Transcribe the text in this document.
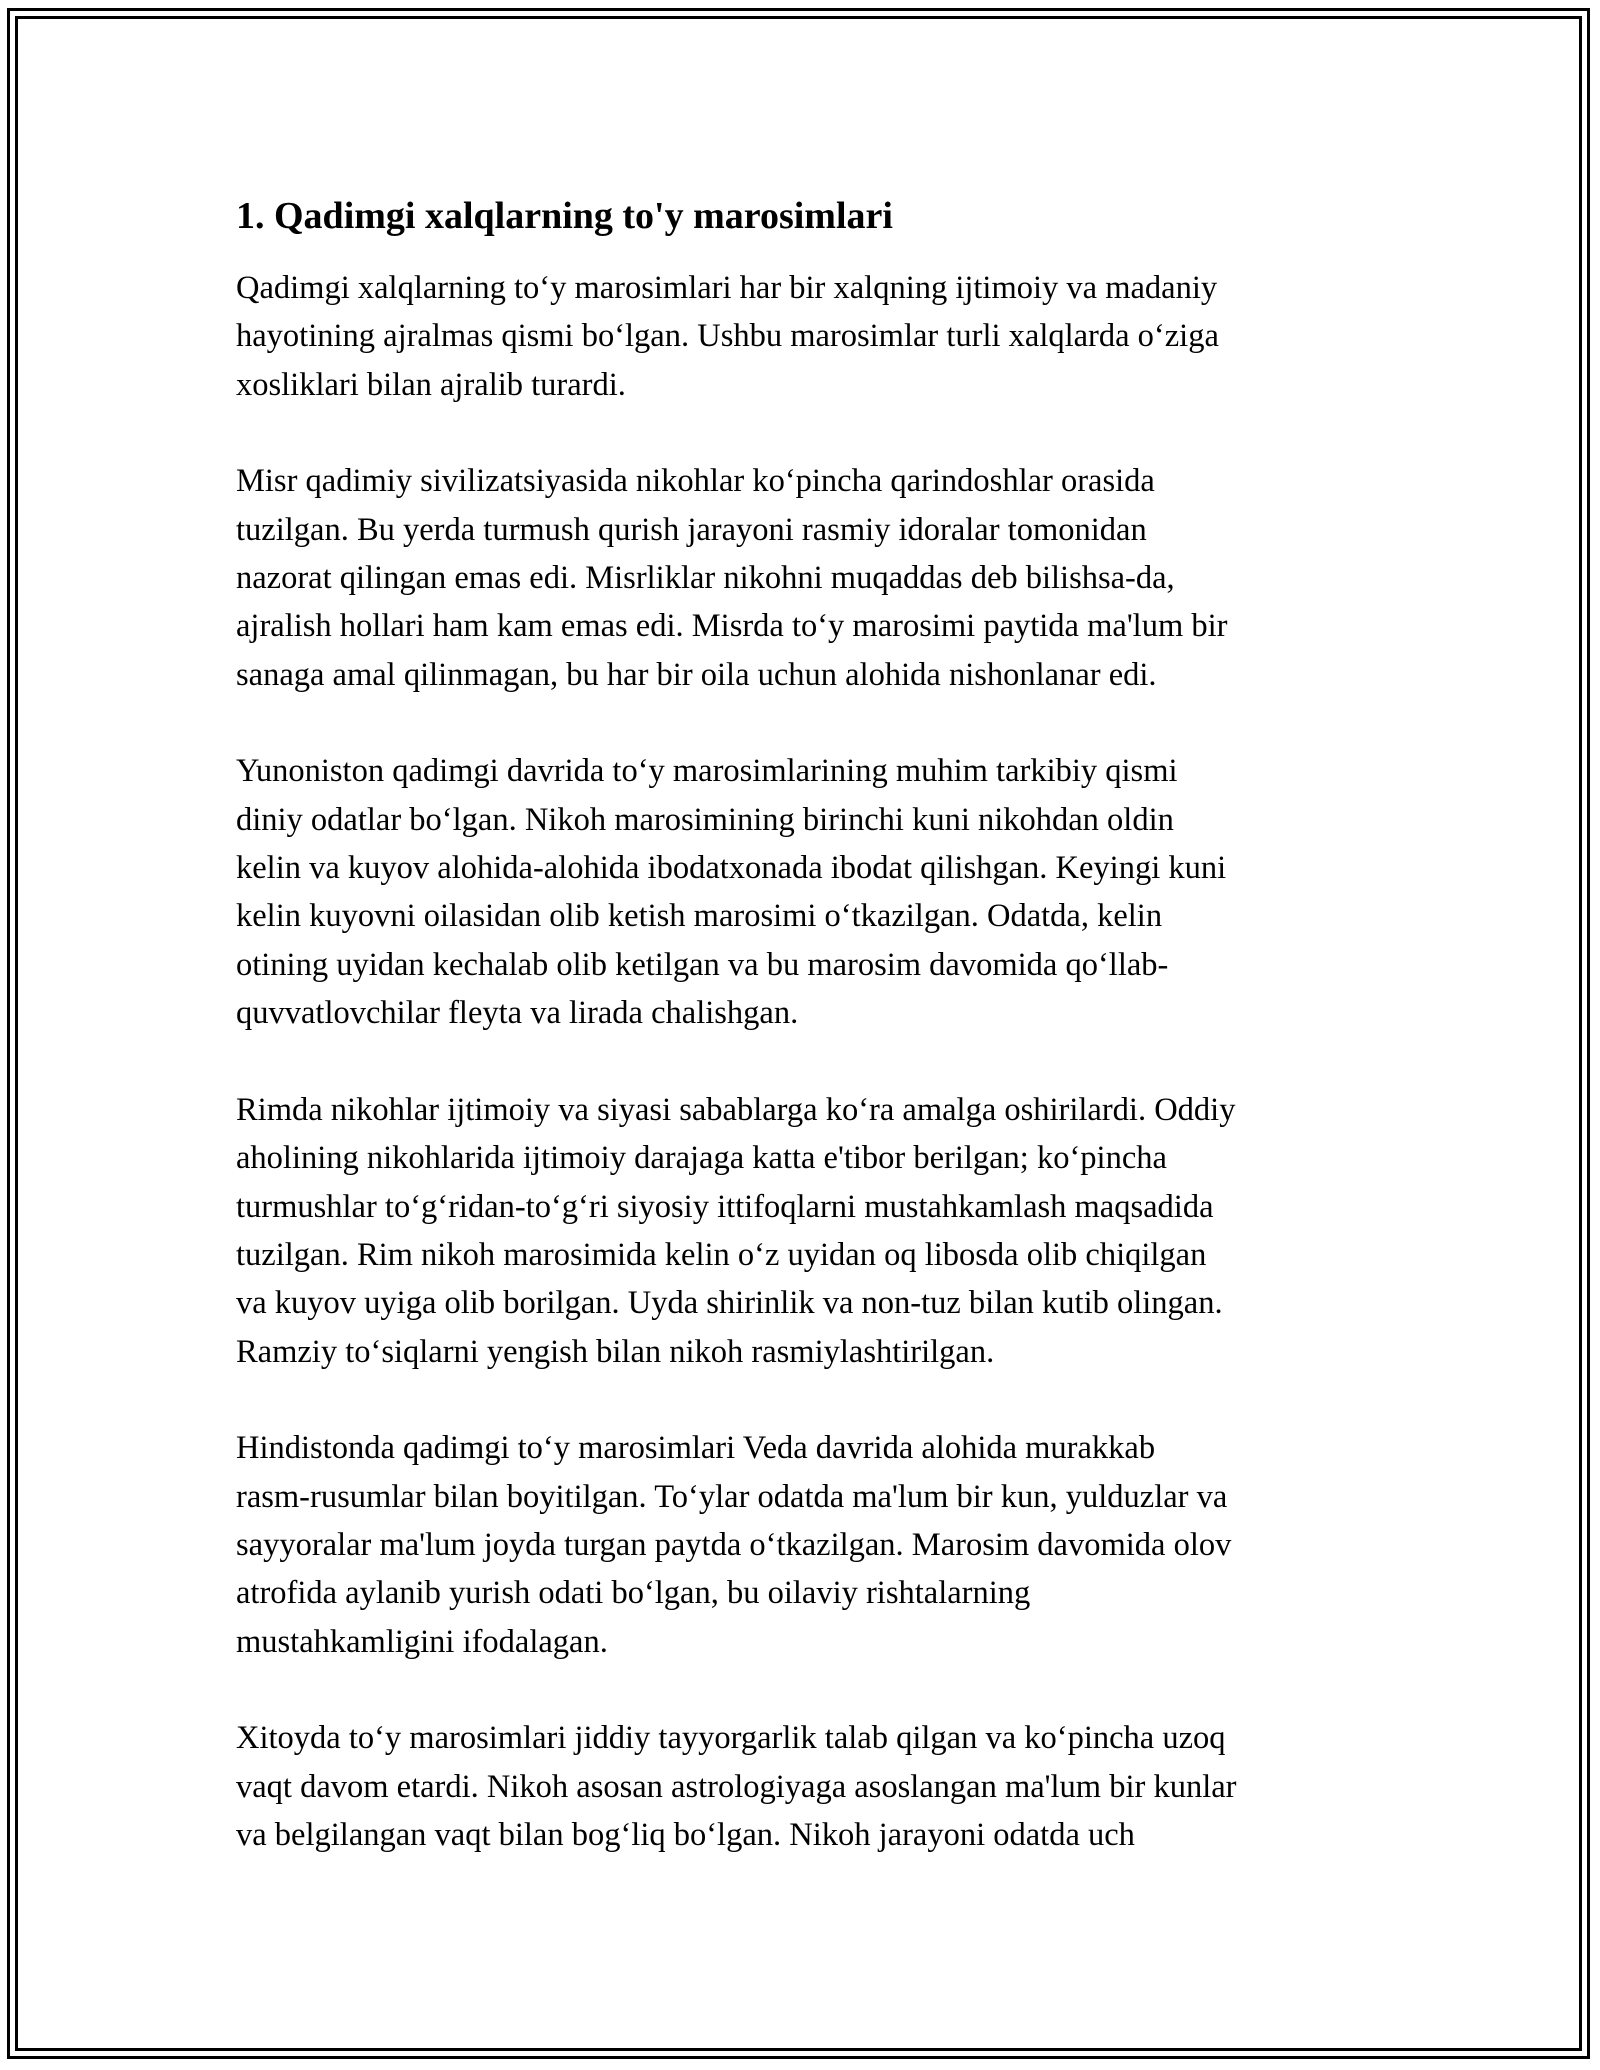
1. Qadimgi xalqlarning to'y marosimlari

Qadimgi xalqlarning to‘y marosimlari har bir xalqning ijtimoiy va madaniy
hayotining ajralmas qismi bo‘lgan. Ushbu marosimlar turli xalqlarda o‘ziga
xosliklari bilan ajralib turardi.

Misr qadimiy sivilizatsiyasida nikohlar ko‘pincha qarindoshlar orasida
tuzilgan. Bu yerda turmush qurish jarayoni rasmiy idoralar tomonidan
nazorat qilingan emas edi. Misrliklar nikohni muqaddas deb bilishsa-da,
ajralish hollari ham kam emas edi. Misrda to‘y marosimi paytida ma'lum bir
sanaga amal qilinmagan, bu har bir oila uchun alohida nishonlanar edi.

Yunoniston qadimgi davrida to‘y marosimlarining muhim tarkibiy qismi
diniy odatlar bo‘lgan. Nikoh marosimining birinchi kuni nikohdan oldin
kelin va kuyov alohida-alohida ibodatxonada ibodat qilishgan. Keyingi kuni
kelin kuyovni oilasidan olib ketish marosimi o‘tkazilgan. Odatda, kelin
otining uyidan kechalab olib ketilgan va bu marosim davomida qo‘llab-
quvvatlovchilar fleyta va lirada chalishgan.

Rimda nikohlar ijtimoiy va siyasi sabablarga ko‘ra amalga oshirilardi. Oddiy
aholining nikohlarida ijtimoiy darajaga katta e'tibor berilgan; ko‘pincha
turmushlar to‘g‘ridan-to‘g‘ri siyosiy ittifoqlarni mustahkamlash maqsadida
tuzilgan. Rim nikoh marosimida kelin o‘z uyidan oq libosda olib chiqilgan
va kuyov uyiga olib borilgan. Uyda shirinlik va non-tuz bilan kutib olingan.
Ramziy to‘siqlarni yengish bilan nikoh rasmiylashtirilgan.

Hindistonda qadimgi to‘y marosimlari Veda davrida alohida murakkab
rasm-rusumlar bilan boyitilgan. To‘ylar odatda ma'lum bir kun, yulduzlar va
sayyoralar ma'lum joyda turgan paytda o‘tkazilgan. Marosim davomida olov
atrofida aylanib yurish odati bo‘lgan, bu oilaviy rishtalarning
mustahkamligini ifodalagan.

Xitoyda to‘y marosimlari jiddiy tayyorgarlik talab qilgan va ko‘pincha uzoq
vaqt davom etardi. Nikoh asosan astrologiyaga asoslangan ma'lum bir kunlar
va belgilangan vaqt bilan bog‘liq bo‘lgan. Nikoh jarayoni odatda uch
